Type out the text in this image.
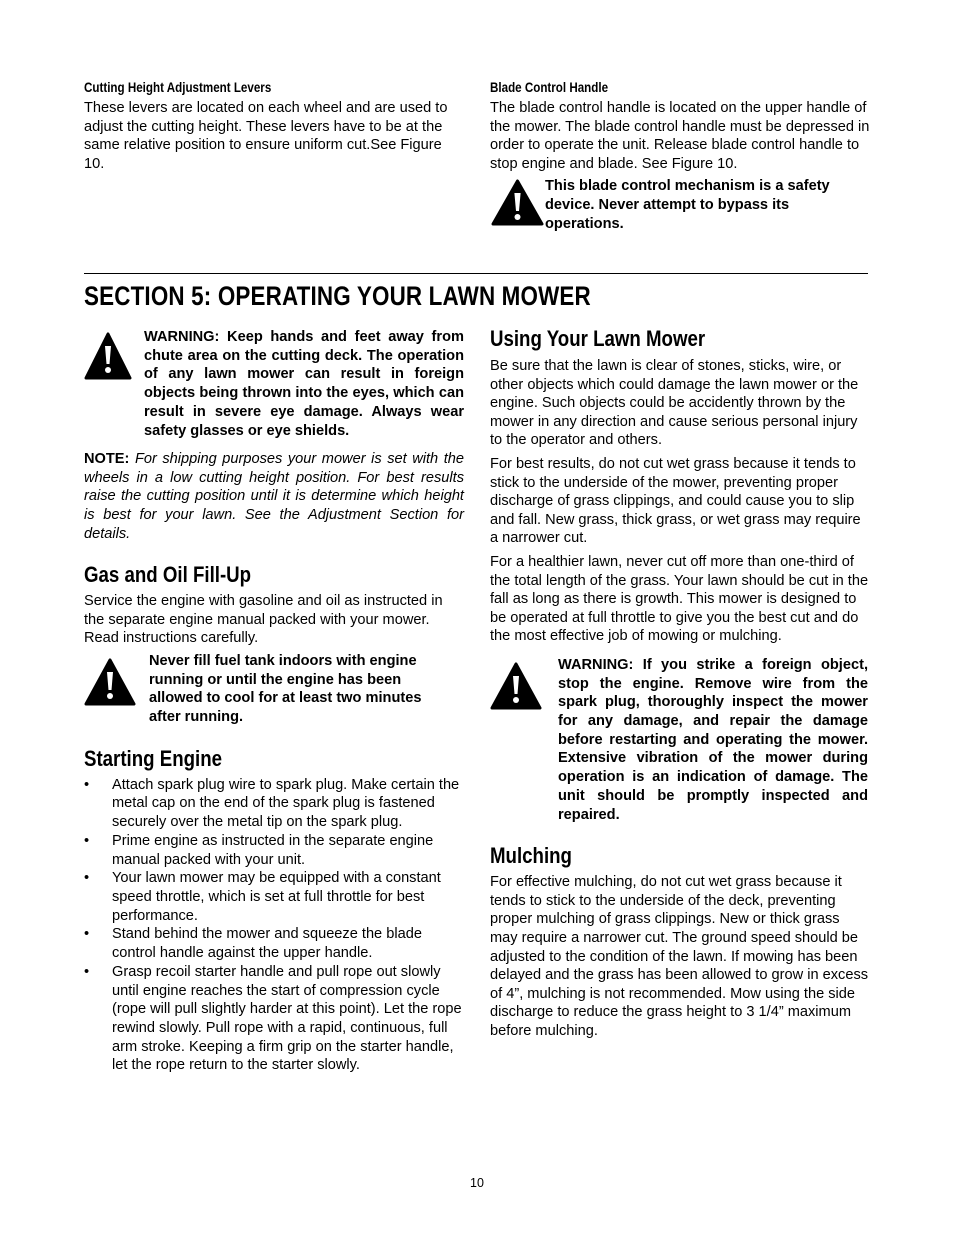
Cutting Height Adjustment Levers

These levers are located on each wheel and are used to adjust the cutting height. These levers have to be at the same relative position to ensure uniform cut.See Figure 10.

Blade Control Handle

The blade control handle is located on the upper handle of the mower. The blade control handle must be depressed in order to operate the unit. Release blade control handle to stop engine and blade. See Figure 10.

This blade control mechanism is a safety device. Never attempt to bypass its operations.

SECTION 5: OPERATING YOUR LAWN MOWER

WARNING: Keep hands and feet away from chute area on the cutting deck. The operation of any lawn mower can result in foreign objects being thrown into the eyes, which can result in severe eye damage. Always wear safety glasses or eye shields.

NOTE: For shipping purposes your mower is set with the wheels in a low cutting height position. For best results raise the cutting position until it is determine which height is best for your lawn. See the Adjustment Section for details.

Gas and Oil Fill-Up

Service the engine with gasoline and oil as instructed in the separate engine manual packed with your mower. Read instructions carefully.

Never fill fuel tank indoors with engine running or until the engine has been allowed to cool for at least two minutes after running.

Starting Engine
• Attach spark plug wire to spark plug. Make certain the metal cap on the end of the spark plug is fastened securely over the metal tip on the spark plug.
• Prime engine as instructed in the separate engine manual packed with your unit.
• Your lawn mower may be equipped with a constant speed throttle, which is set at full throttle for best performance.
• Stand behind the mower and squeeze the blade control handle against the upper handle.
• Grasp recoil starter handle and pull rope out slowly until engine reaches the start of compression cycle (rope will pull slightly harder at this point). Let the rope rewind slowly. Pull rope with a rapid, continuous, full arm stroke. Keeping a firm grip on the starter handle, let the rope return to the starter slowly.
Using Your Lawn Mower

Be sure that the lawn is clear of stones, sticks, wire, or other objects which could damage the lawn mower or the engine. Such objects could be accidently thrown by the mower in any direction and cause serious personal injury to the operator and others.

For best results, do not cut wet grass because it tends to stick to the underside of the mower, preventing proper discharge of grass clippings, and could cause you to slip and fall. New grass, thick grass, or wet grass may require a narrower cut.

For a healthier lawn, never cut off more than one-third of the total length of the grass. Your lawn should be cut in the fall as long as there is growth. This mower is designed to be operated at full throttle to give you the best cut and do the most effective job of mowing or mulching.

WARNING: If you strike a foreign object, stop the engine. Remove wire from the spark plug, thoroughly inspect the mower for any damage, and repair the damage before restarting and operating the mower. Extensive vibration of the mower during operation is an indication of damage. The unit should be promptly inspected and repaired.

Mulching

For effective mulching, do not cut wet grass because it tends to stick to the underside of the deck, preventing proper mulching of grass clippings. New or thick grass may require a narrower cut. The ground speed should be adjusted to the condition of the lawn. If mowing has been delayed and the grass has been allowed to grow in excess of 4”, mulching is not recommended. Mow using the side discharge to reduce the grass height to 3 1/4” maximum before mulching.

10
